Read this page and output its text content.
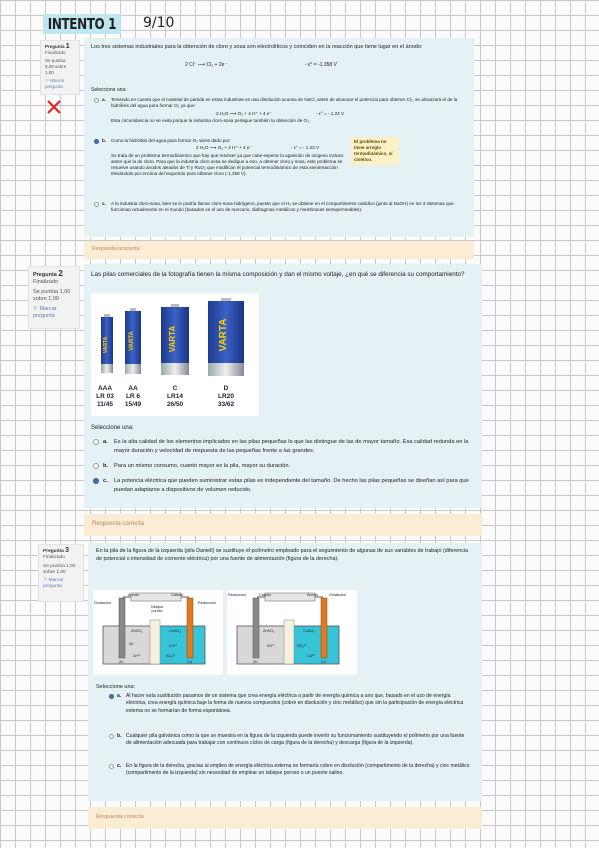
INTENTO 1	9/10
Pregunta 1
Finalizado
Se puntúa 0,00 sobre 1,00
⚐ Marcar pregunta
Los tres sistemas industriales para la obtención de cloro y sosa son electrolíticos y coinciden en la reacción que tiene lugar en el ánodo:
2 Cl⁻ ⟶ Cl₂ + 2e⁻	- ε° = -1.358 V
Seleccione una:
a.	Teniendo en cuenta que el material de partida en estas industrias es una disolución acuosa de NaCl, antes de alcanzar el potencial para obtener Cl₂, se alcanzará el de la hidrólisis del agua para formar O₂ ya que:
2 H₂O ⟶ O₂ + 4 H⁺ + 4 e⁻	- ε° = - 1.23 V
Esta circunstancia no se evita porque la industria cloro-sosa persigue también la obtención de O₂.
b.	Como la hidrólisis del agua para formar O₂ viene dado por:
2 H₂O ⟶ O₂ + 4 H⁺ + 4 e⁻	- ε° = - 1.23 V
Se trata de un problema termodinámico que hay que resolver ya que cabe esperar la aparición de oxígeno incluso antes que la de cloro. Para que la industria cloro sosa se dedique a eso, a obtener cloro y sosa, este problema se resuelve usando ánodos aleados de Ti y RuO₂ que modifican el potencial termodinámico de esta semirreacción elevándolo por encima del requerido para obtener cloro (-1,358 V).
El problema no tiene arreglo termodinámico, sí cinético.
c.	A la industria cloro-sosa, bien se le podría llamar cloro-sosa-hidrógeno, puesto que el H₂ se obtiene en el compartimento catódico (junto al NaOH) en los 3 sistemas que funcionan actualmente en el mundo (basados en el uso de mercurio, diafragmas metálicos y membranas semipermeables).
Respuesta incorrecta.
Pregunta 2
Finalizado
Se puntúa 1,00 sobre 1,00
⚐ Marcar pregunta
Las pilas comerciales de la fotografía tienen la misma composición y dan el mismo voltaje, ¿en qué se diferencia su comportamiento?
VARTA	VARTA	VARTA	VARTA
AAA
LR 03
11/45
AA
LR 6
15/49
C
LR14
26/50
D
LR20
33/62
Seleccione una:
a.	Es la alta calidad de los elementos implicados en las pilas pequeñas lo que las distingue de las de mayor tamaño. Esa calidad redunda en la mayor duración y velocidad de respuesta de las pequeñas frente a las grandes.
b.	Para un mismo consumo, cuanto mayor es la pila, mayor su duración.
c.	La potencia eléctrica que pueden suministrar estas pilas es independiente del tamaño. De hecho las pilas pequeñas se diseñan así para que puedan adaptarse a dispositivos de volumen reducido.
Respuesta correcta
Pregunta 3
Finalizado
Se puntúa 1,00 sobre 1,00
⚐ Marcar pregunta
En la pila de la figura de la izquierda (pila Daniell) se sustituye el polímetro empleado para el seguimiento de algunas de sus variables de trabajo (diferencia de potencial o intensidad de corriente eléctrica) por una fuente de alimentación (figura de la derecha).
Oxidación
Ánodo	Cátodo
Reducción
Tabique poroso
ZnSO₄	CuSO₄
Zn²⁺
Cu²⁺
SO₄²⁻
2e⁻
Zn	Cu
Reducción	Cátodo	Ánodo	Oxidación
ZnSO₄	CuSO₄
Zn²⁺
Cu²⁺
SO₄²⁻
Zn	Cu
Seleccione una:
a. Al hacer esta sustitución pasamos de un sistema que crea energía eléctrica a partir de energía química a uno que, basado en el uso de energía eléctrica, crea energía química bajo la forma de nuevos compuestos (cobre en disolución y cinc metálico) que sin la participación de energía eléctrica externa no se formarían de forma espontánea.
b. Cualquier pila galvánica como la que se muestra en la figura de la izquierda puede invertir su funcionamiento sustituyendo el polímetro por una fuente de alimentación adecuada para trabajar con continuos ciclos de carga (figura de la derecha) y descarga (figura de la izquierda).
c. En la figura de la derecha, gracias al empleo de energía eléctrica externa se formaría cobre en disolución (compartimento de la derecha) y cinc metálico (compartimento de la izquierda) sin necesidad de emplear un tabique poroso o un puente salino.
Respuesta correcta
